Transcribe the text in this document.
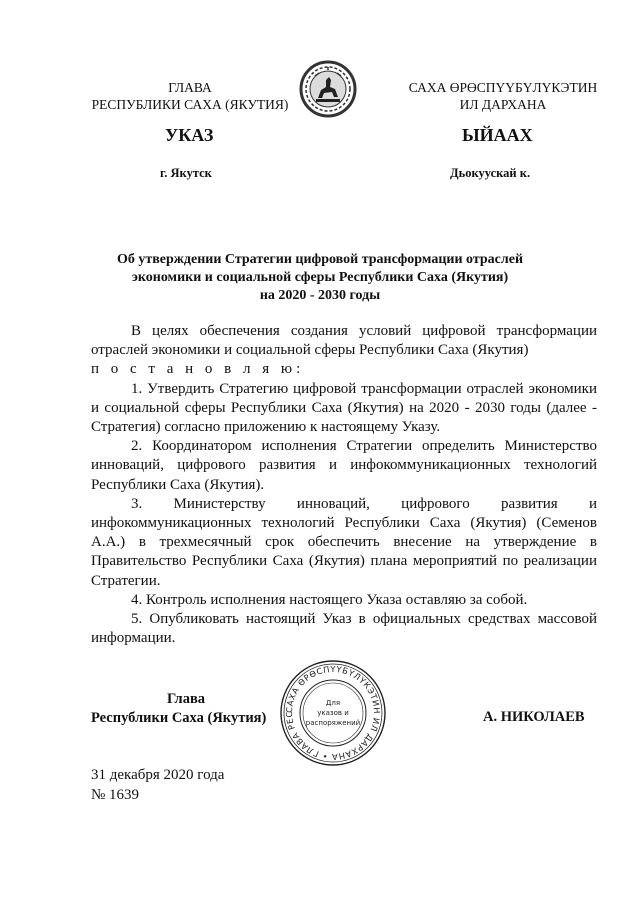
ГЛАВА
РЕСПУБЛИКИ САХА (ЯКУТИЯ)
САХА ӨРӨСПYYБYЛYКЭТИН
ИЛ ДАРХАНА
УКАЗ	ЫЙААХ
г. Якутск	Дьокуускай к.
Об утверждении Стратегии цифровой трансформации отраслей
экономики и социальной сферы Республики Саха (Якутия)
на 2020 - 2030 годы

В целях обеспечения создания условий цифровой трансформации отраслей экономики и социальной сферы Республики Саха (Якутия)

п о с т а н о в л я ю:

1. Утвердить Стратегию цифровой трансформации отраслей экономики и социальной сферы Республики Саха (Якутия) на 2020 - 2030 годы (далее - Стратегия) согласно приложению к настоящему Указу.

2. Координатором исполнения Стратегии определить Министерство инноваций, цифрового развития и инфокоммуникационных технологий Республики Саха (Якутия).

3. Министерству инноваций, цифрового развития и инфокоммуникационных технологий Республики Саха (Якутия) (Семенов А.А.) в трехмесячный срок обеспечить внесение на утверждение в Правительство Республики Саха (Якутия) плана мероприятий по реализации Стратегии.

4. Контроль исполнения настоящего Указа оставляю за собой.

5. Опубликовать настоящий Указ в официальных средствах массовой информации.

Глава
Республики Саха (Якутия)
САХА ӨРӨСПYYБYЛYКЭТИН ИЛ ДАРХАНА • ГЛАВА РЕС
Для
указов и
распоряжений	А. НИКОЛАЕВ
31 декабря 2020 года
№ 1639
